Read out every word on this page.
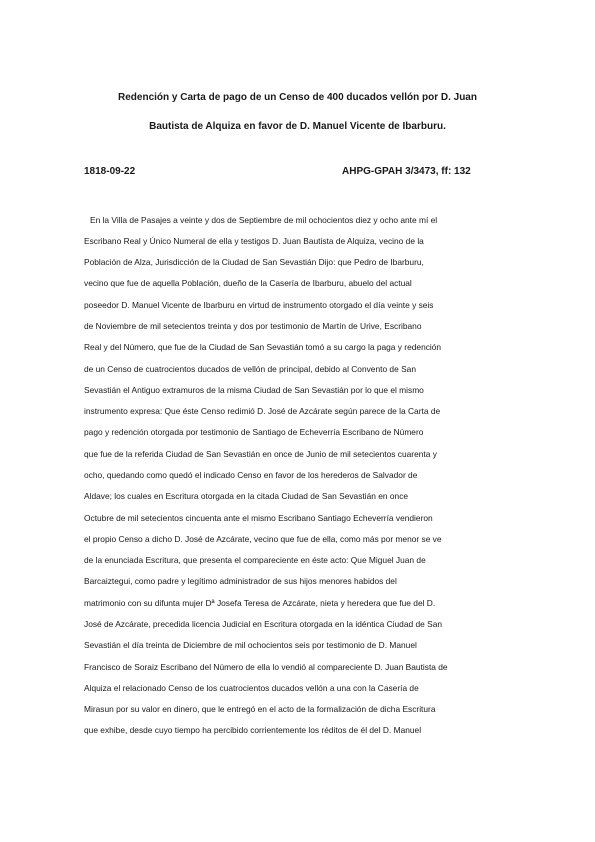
Redención y Carta de pago de un Censo de 400 ducados vellón por D. Juan
Bautista de Alquiza en favor de D. Manuel Vicente de Ibarburu.
1818-09-22	AHPG-GPAH 3/3473, ff: 132
En la Villa de Pasajes a veinte y dos de Septiembre de mil ochocientos diez y ocho ante mí el
Escribano Real y Único Numeral de ella y testigos D. Juan Bautista de Alquiza, vecino de la
Población de Alza, Jurisdicción de la Ciudad de San Sevastián Dijo: que Pedro de Ibarburu,
vecino que fue de aquella Población, dueño de la Casería de Ibarburu, abuelo del actual
poseedor D. Manuel Vicente de Ibarburu en virtud de instrumento otorgado el día veinte y seis
de Noviembre de mil setecientos treinta y dos por testimonio de Martín de Urive, Escribano
Real y del Número, que fue de la Ciudad de San Sevastián tomó a su cargo la paga y redención
de un Censo de cuatrocientos ducados de vellón de principal, debido al Convento de San
Sevastián el Antiguo extramuros de la misma Ciudad de San Sevastián por lo que el mismo
instrumento expresa: Que éste Censo redimió D. José de Azcárate según parece de la Carta de
pago y redención otorgada por testimonio de Santiago de Echeverría Escribano de Número
que fue de la referida Ciudad de San Sevastián en once de Junio de mil setecientos cuarenta y
ocho, quedando como quedó el indicado Censo en favor de los herederos de Salvador de
Aldave; los cuales en Escritura otorgada en la citada Ciudad de San Sevastián en once
Octubre de mil setecientos cincuenta ante el mismo Escribano Santiago Echeverría vendieron
el propio Censo a dicho D. José de Azcárate, vecino que fue de ella, como más por menor se ve
de la enunciada Escritura, que presenta el compareciente en éste acto: Que Miguel Juan de
Barcaiztegui, como padre y legítimo administrador de sus hijos menores habidos del
matrimonio con su difunta mujer Dª Josefa Teresa de Azcárate, nieta y heredera que fue del D.
José de Azcárate, precedida licencia Judicial en Escritura otorgada en la idéntica Ciudad de San
Sevastián el día treinta de Diciembre de mil ochocientos seis por testimonio de D. Manuel
Francisco de Soraiz Escribano del Número de ella lo vendió al compareciente D. Juan Bautista de
Alquiza el relacionado Censo de los cuatrocientos ducados vellón a una con la Casería de
Mirasun por su valor en dinero, que le entregó en el acto de la formalización de dicha Escritura
que exhibe, desde cuyo tiempo ha percibido corrientemente los réditos de él del D. Manuel
